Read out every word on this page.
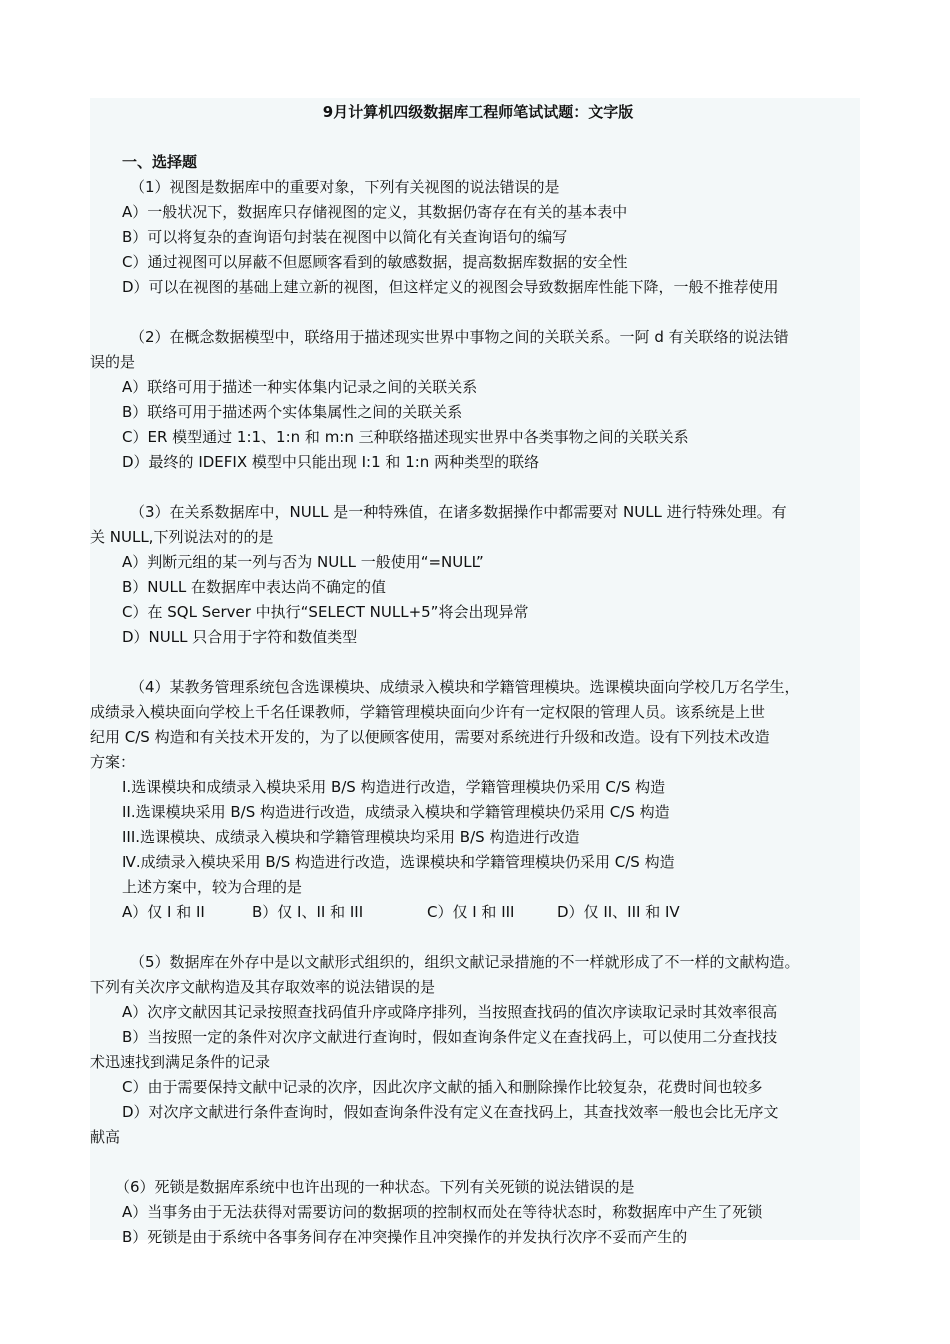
9月计算机四级数据库工程师笔试试题：文字版
一、选择题
（1）视图是数据库中的重要对象，下列有关视图的说法错误的是
A）一般状况下，数据库只存储视图的定义，其数据仍寄存在有关的基本表中
B）可以将复杂的查询语句封装在视图中以简化有关查询语句的编写
C）通过视图可以屏蔽不但愿顾客看到的敏感数据，提高数据库数据的安全性
D）可以在视图的基础上建立新的视图，但这样定义的视图会导致数据库性能下降，一般不推荐使用
（2）在概念数据模型中，联络用于描述现实世界中事物之间的关联关系。一阿 d 有关联络的说法错
误的是
A）联络可用于描述一种实体集内记录之间的关联关系
B）联络可用于描述两个实体集属性之间的关联关系
C）ER 模型通过 1:1、1:n 和 m:n 三种联络描述现实世界中各类事物之间的关联关系
D）最终的 IDEFIX 模型中只能出现 I:1 和 1:n 两种类型的联络
（3）在关系数据库中，NULL 是一种特殊值，在诸多数据操作中都需要对 NULL 进行特殊处理。有
关 NULL,下列说法对的的是
A）判断元组的某一列与否为 NULL 一般使用“=NULL”
B）NULL 在数据库中表达尚不确定的值
C）在 SQL Server 中执行“SELECT NULL+5”将会出现异常
D）NULL 只合用于字符和数值类型
（4）某教务管理系统包含选课模块、成绩录入模块和学籍管理模块。选课模块面向学校几万名学生，
成绩录入模块面向学校上千名任课教师，学籍管理模块面向少许有一定权限的管理人员。该系统是上世
纪用 C/S 构造和有关技术开发的，为了以便顾客使用，需要对系统进行升级和改造。设有下列技术改造
方案：
I.选课模块和成绩录入模块采用 B/S 构造进行改造，学籍管理模块仍采用 C/S 构造
II.选课模块采用 B/S 构造进行改造，成绩录入模块和学籍管理模块仍采用 C/S 构造
III.选课模块、成绩录入模块和学籍管理模块均采用 B/S 构造进行改造
Ⅳ.成绩录入模块采用 B/S 构造进行改造，选课模块和学籍管理模块仍采用 C/S 构造
上述方案中，较为合理的是
A）仅 I 和 II	B）仅 I、II 和 III	C）仅 I 和 III	D）仅 II、III 和 IV
（5）数据库在外存中是以文献形式组织的，组织文献记录措施的不一样就形成了不一样的文献构造。
下列有关次序文献构造及其存取效率的说法错误的是
A）次序文献因其记录按照查找码值升序或降序排列，当按照查找码的值次序读取记录时其效率很高
B）当按照一定的条件对次序文献进行查询时，假如查询条件定义在查找码上，可以使用二分查找技
术迅速找到满足条件的记录
C）由于需要保持文献中记录的次序，因此次序文献的插入和删除操作比较复杂，花费时间也较多
D）对次序文献进行条件查询时，假如查询条件没有定义在查找码上，其查找效率一般也会比无序文
献高
（6）死锁是数据库系统中也许出现的一种状态。下列有关死锁的说法错误的是
A）当事务由于无法获得对需要访问的数据项的控制权而处在等待状态时，称数据库中产生了死锁
B）死锁是由于系统中各事务间存在冲突操作且冲突操作的并发执行次序不妥而产生的
